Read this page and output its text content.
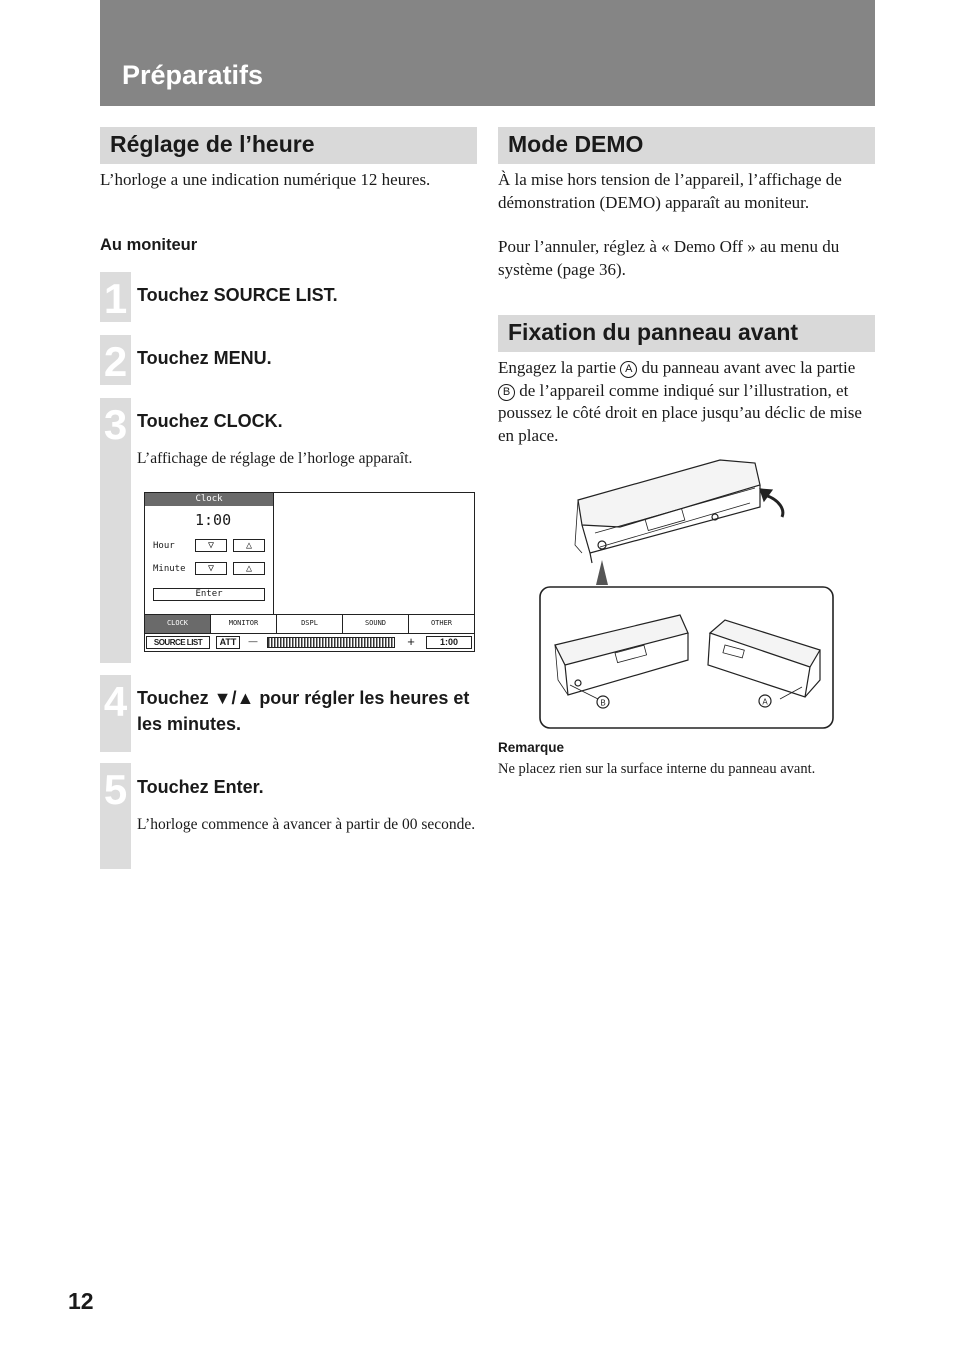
Préparatifs
Réglage de l’heure

L’horloge a une indication numérique 12 heures.

Au moniteur

1 Touchez SOURCE LIST.

2 Touchez MENU.

3 Touchez CLOCK.

L’affichage de réglage de l’horloge apparaît.

Clock
1:00
Hour	▽	△
Minute	▽	△
Enter
CLOCK	MONITOR	DSPL	SOUND	OTHER
SOURCE LIST	ATT	—	+	1:00
4 Touchez ▼/▲ pour régler les heures et les minutes.

5 Touchez Enter.

L’horloge commence à avancer à partir de 00 seconde.

Mode DEMO

À la mise hors tension de l’appareil, l’affichage de démonstration (DEMO) apparaît au moniteur.

Pour l’annuler, réglez à « Demo Off » au menu du système (page 36).

Fixation du panneau avant

Engagez la partie A du panneau avant avec la partie B de l’appareil comme indiqué sur l’illustration, et poussez le côté droit en place jusqu’au déclic de mise en place.

B	A

Remarque

Ne placez rien sur la surface interne du panneau avant.

12
